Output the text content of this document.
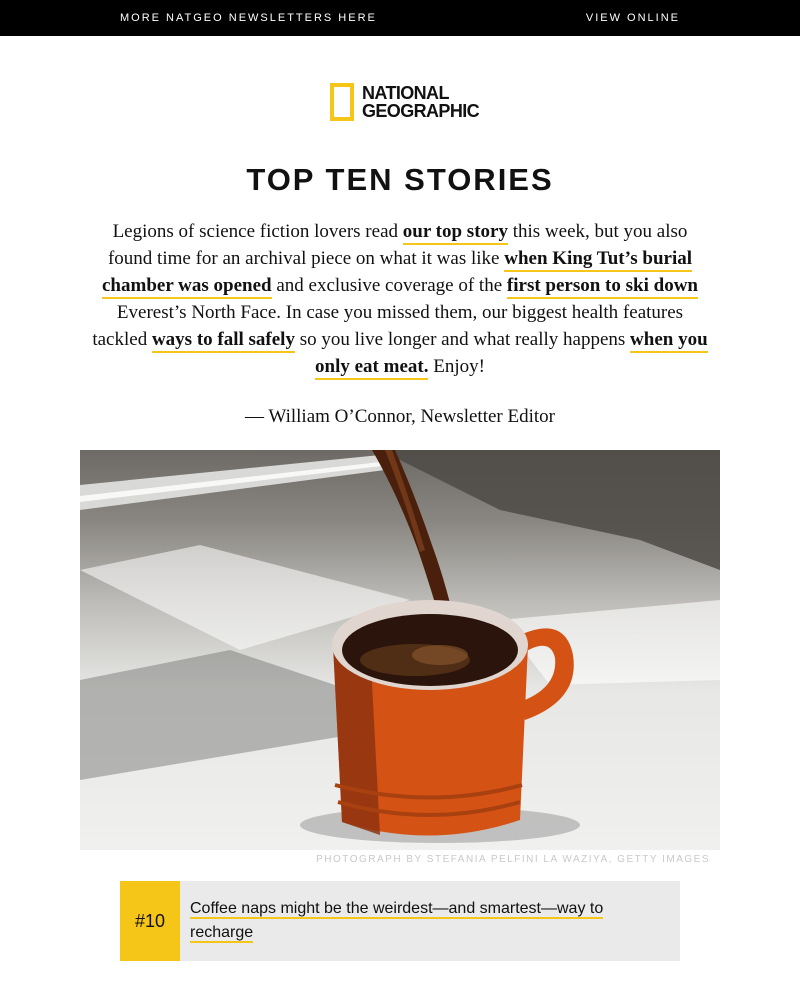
MORE NATGEO NEWSLETTERS HERE	VIEW ONLINE
NATIONAL
GEOGRAPHIC
TOP TEN STORIES
Legions of science fiction lovers read our top story this week, but you also found time for an archival piece on what it was like when King Tut’s burial chamber was opened and exclusive coverage of the first person to ski down Everest’s North Face. In case you missed them, our biggest health features tackled ways to fall safely so you live longer and what really happens when you only eat meat. Enjoy!
— William O’Connor, Newsletter Editor
PHOTOGRAPH BY STEFANIA PELFINI LA WAZIYA, GETTY IMAGES
#10
Coffee naps might be the weirdest—and smartest—way to
recharge
